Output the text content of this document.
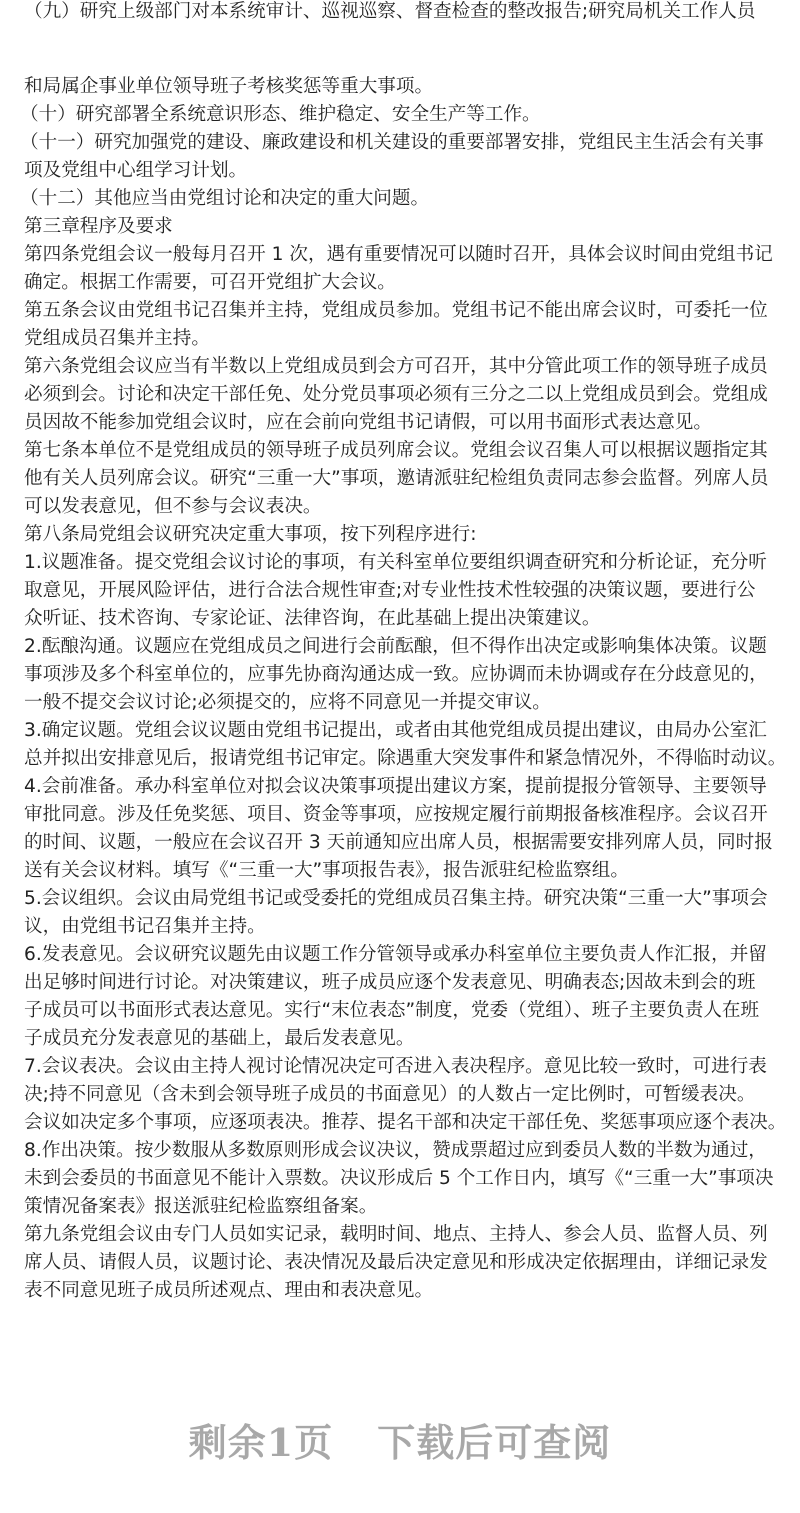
（九）研究上级部门对本系统审计、巡视巡察、督查检查的整改报告;研究局机关工作人员
和局属企事业单位领导班子考核奖惩等重大事项。
（十）研究部署全系统意识形态、维护稳定、安全生产等工作。
（十一）研究加强党的建设、廉政建设和机关建设的重要部署安排，党组民主生活会有关事
项及党组中心组学习计划。
（十二）其他应当由党组讨论和决定的重大问题。
第三章程序及要求
第四条党组会议一般每月召开 1 次，遇有重要情况可以随时召开，具体会议时间由党组书记
确定。根据工作需要，可召开党组扩大会议。
第五条会议由党组书记召集并主持，党组成员参加。党组书记不能出席会议时，可委托一位
党组成员召集并主持。
第六条党组会议应当有半数以上党组成员到会方可召开，其中分管此项工作的领导班子成员
必须到会。讨论和决定干部任免、处分党员事项必须有三分之二以上党组成员到会。党组成
员因故不能参加党组会议时，应在会前向党组书记请假，可以用书面形式表达意见。
第七条本单位不是党组成员的领导班子成员列席会议。党组会议召集人可以根据议题指定其
他有关人员列席会议。研究“三重一大”事项，邀请派驻纪检组负责同志参会监督。列席人员
可以发表意见，但不参与会议表决。
第八条局党组会议研究决定重大事项，按下列程序进行:
1.议题准备。提交党组会议讨论的事项，有关科室单位要组织调查研究和分析论证，充分听
取意见，开展风险评估，进行合法合规性审查;对专业性技术性较强的决策议题，要进行公
众听证、技术咨询、专家论证、法律咨询，在此基础上提出决策建议。
2.酝酿沟通。议题应在党组成员之间进行会前酝酿，但不得作出决定或影响集体决策。议题
事项涉及多个科室单位的，应事先协商沟通达成一致。应协调而未协调或存在分歧意见的，
一般不提交会议讨论;必须提交的，应将不同意见一并提交审议。
3.确定议题。党组会议议题由党组书记提出，或者由其他党组成员提出建议，由局办公室汇
总并拟出安排意见后，报请党组书记审定。除遇重大突发事件和紧急情况外，不得临时动议。
4.会前准备。承办科室单位对拟会议决策事项提出建议方案，提前提报分管领导、主要领导
审批同意。涉及任免奖惩、项目、资金等事项，应按规定履行前期报备核准程序。会议召开
的时间、议题，一般应在会议召开 3 天前通知应出席人员，根据需要安排列席人员，同时报
送有关会议材料。填写《“三重一大”事项报告表》，报告派驻纪检监察组。
5.会议组织。会议由局党组书记或受委托的党组成员召集主持。研究决策“三重一大”事项会
议，由党组书记召集并主持。
6.发表意见。会议研究议题先由议题工作分管领导或承办科室单位主要负责人作汇报，并留
出足够时间进行讨论。对决策建议，班子成员应逐个发表意见、明确表态;因故未到会的班
子成员可以书面形式表达意见。实行“末位表态”制度，党委（党组）、班子主要负责人在班
子成员充分发表意见的基础上，最后发表意见。
7.会议表决。会议由主持人视讨论情况决定可否进入表决程序。意见比较一致时，可进行表
决;持不同意见（含未到会领导班子成员的书面意见）的人数占一定比例时，可暂缓表决。
会议如决定多个事项，应逐项表决。推荐、提名干部和决定干部任免、奖惩事项应逐个表决。
8.作出决策。按少数服从多数原则形成会议决议，赞成票超过应到委员人数的半数为通过，
未到会委员的书面意见不能计入票数。决议形成后 5 个工作日内，填写《“三重一大”事项决
策情况备案表》报送派驻纪检监察组备案。
第九条党组会议由专门人员如实记录，载明时间、地点、主持人、参会人员、监督人员、列
席人员、请假人员，议题讨论、表决情况及最后决定意见和形成决定依据理由，详细记录发
表不同意见班子成员所述观点、理由和表决意见。
剩余1页 下载后可查阅
